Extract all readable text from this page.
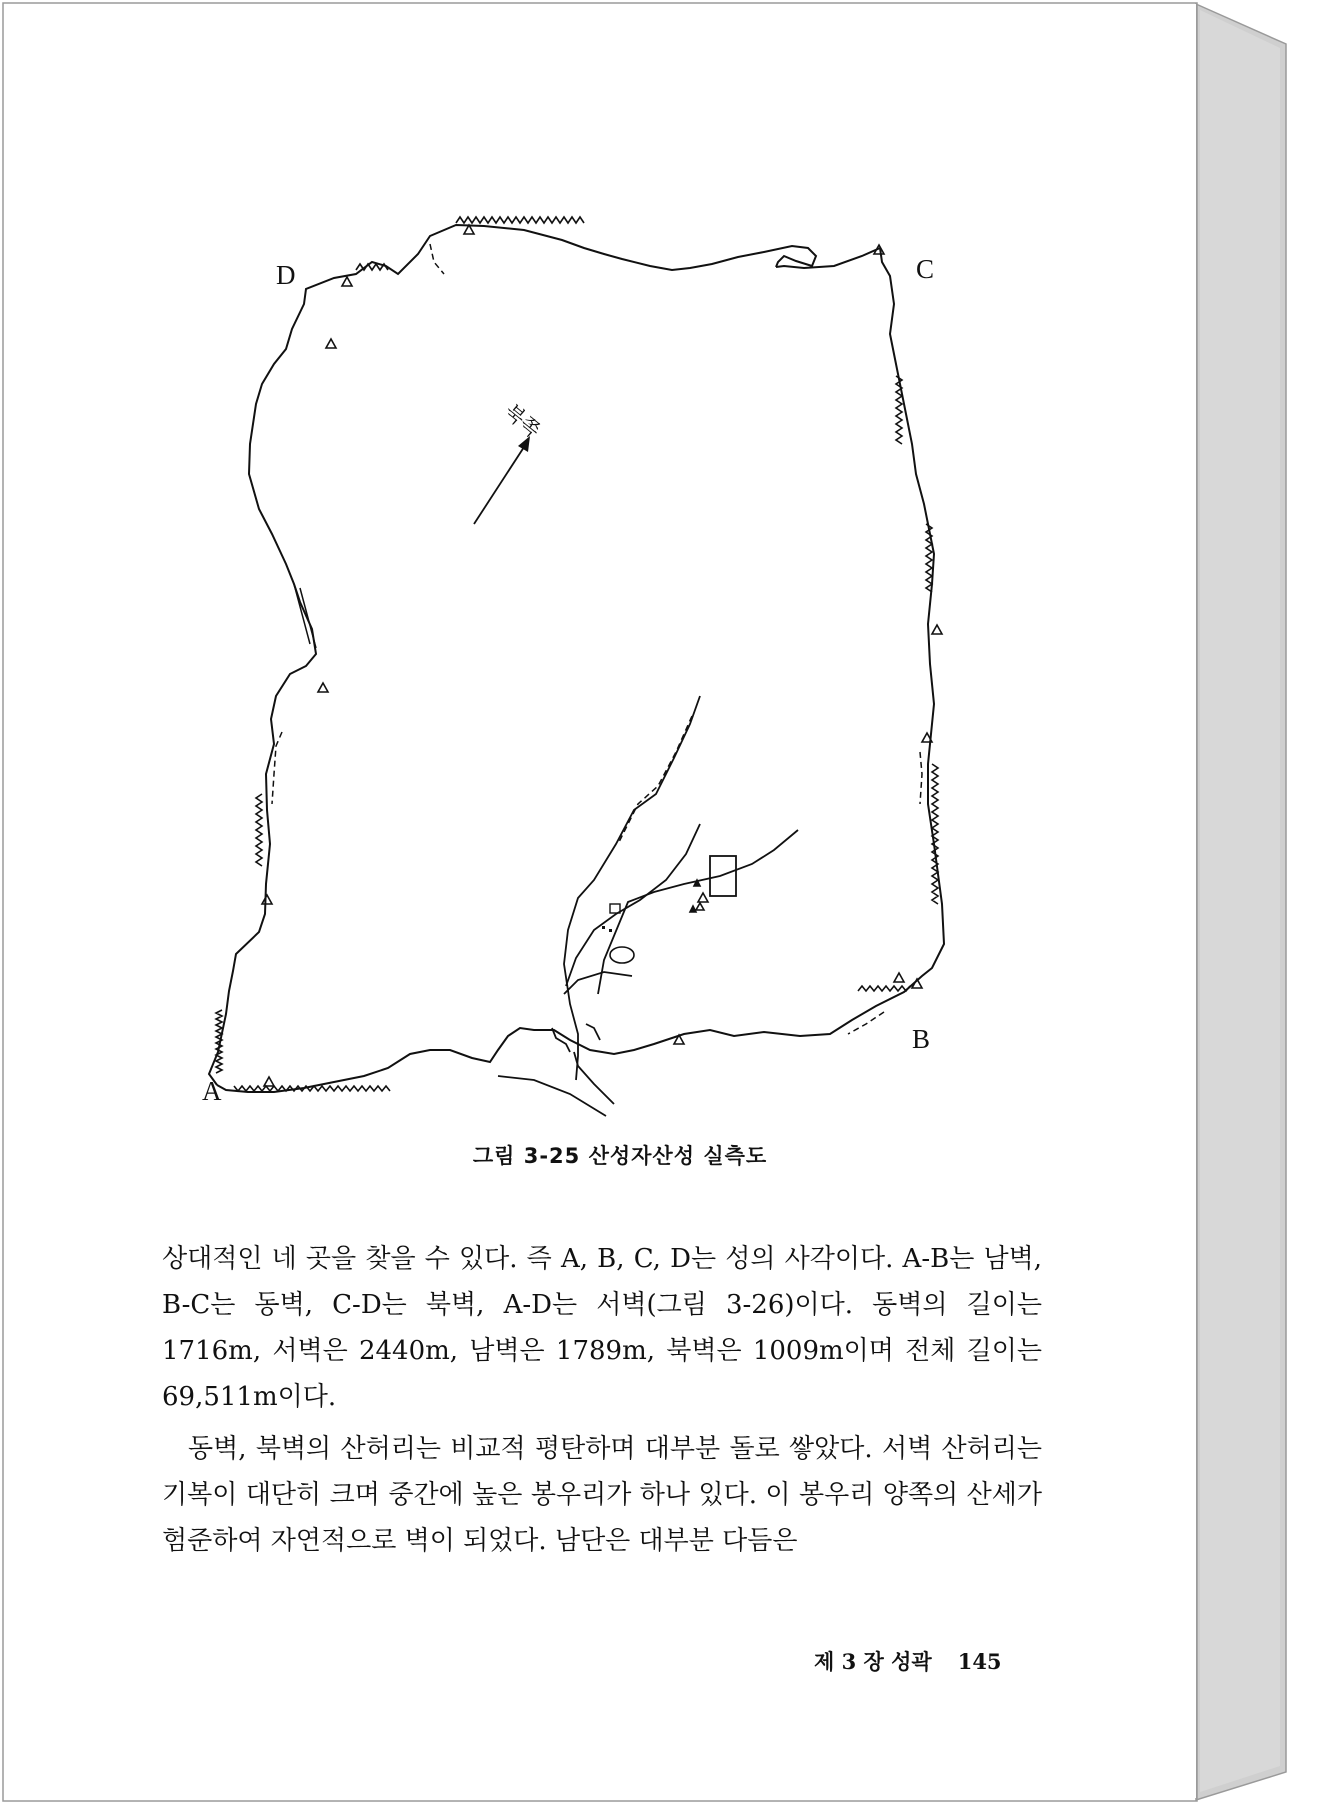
D	C
B
A
북쪽
그림 3-25 산성자산성 실측도

상대적인 네 곳을 찾을 수 있다. 즉 A, B, C, D는 성의 사각이다. A-B는 남벽, B-C는 동벽, C-D는 북벽, A-D는 서벽(그림 3-26)이다. 동벽의 길이는 1716m, 서벽은 2440m, 남벽은 1789m, 북벽은 1009m이며 전체 길이는 69,511m이다.

동벽, 북벽의 산허리는 비교적 평탄하며 대부분 돌로 쌓았다. 서벽 산허리는 기복이 대단히 크며 중간에 높은 봉우리가 하나 있다. 이 봉우리 양쪽의 산세가 험준하여 자연적으로 벽이 되었다. 남단은 대부분 다듬은

제 3 장 성곽 145
